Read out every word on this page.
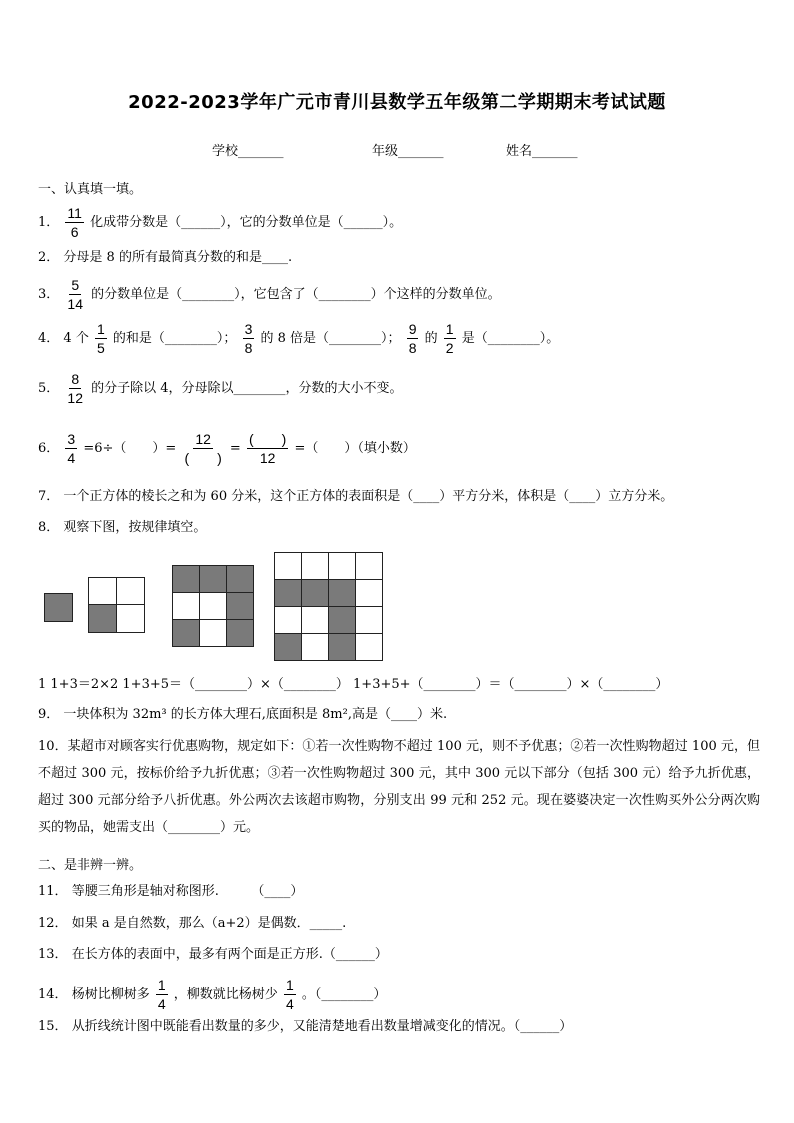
2022-2023学年广元市青川县数学五年级第二学期期末考试试题
学校_______	年级_______	姓名_______
一、认真填一填。
1． $\frac{11}{6}$ 化成带分数是（______），它的分数单位是（______）。
2． 分母是 8 的所有最简真分数的和是____.
3． $\frac{5}{14}$ 的分数单位是（________），它包含了（________）个这样的分数单位。
4． 4 个 $\frac{1}{5}$ 的和是（________）； $\frac{3}{8}$ 的 8 倍是（________）； $\frac{9}{8}$ 的 $\frac{1}{2}$ 是（________）。
5． $\frac{8}{12}$ 的分子除以 4，分母除以________，分数的大小不变。
6． $\frac{3}{4} =6\div$（　　）= $\frac{12}{( )} = \frac{( )}{12}$ =（　　）（填小数）
7． 一个正方体的棱长之和为 60 分米，这个正方体的表面积是（____）平方分米，体积是（____）立方分米。
8． 观察下图，按规律填空。
1 1+3＝2×2 1+3+5＝（________）×（________） 1+3+5+（________）＝（________）×（________）
9． 一块体积为 32m³ 的长方体大理石,底面积是 8m²,高是（____）米.
10．某超市对顾客实行优惠购物，规定如下：①若一次性购物不超过 100 元，则不予优惠；②若一次性购物超过 100 元，但不超过 300 元，按标价给予九折优惠；③若一次性购物超过 300 元，其中 300 元以下部分（包括 300 元）给予九折优惠，超过 300 元部分给予八折优惠。外公两次去该超市购物，分别支出 99 元和 252 元。现在婆婆决定一次性购买外公分两次购买的物品，她需支出（________）元。
二、是非辨一辨。
11． 等腰三角形是轴对称图形.　　　（____）
12． 如果 a 是自然数，那么（a+2）是偶数．_____.
13． 在长方体的表面中，最多有两个面是正方形.（______）
14． 杨树比柳树多 $\frac{1}{4}$ ，柳数就比杨树少 $\frac{1}{4}$ 。（________）
15． 从折线统计图中既能看出数量的多少，又能清楚地看出数量增减变化的情况。（______）
